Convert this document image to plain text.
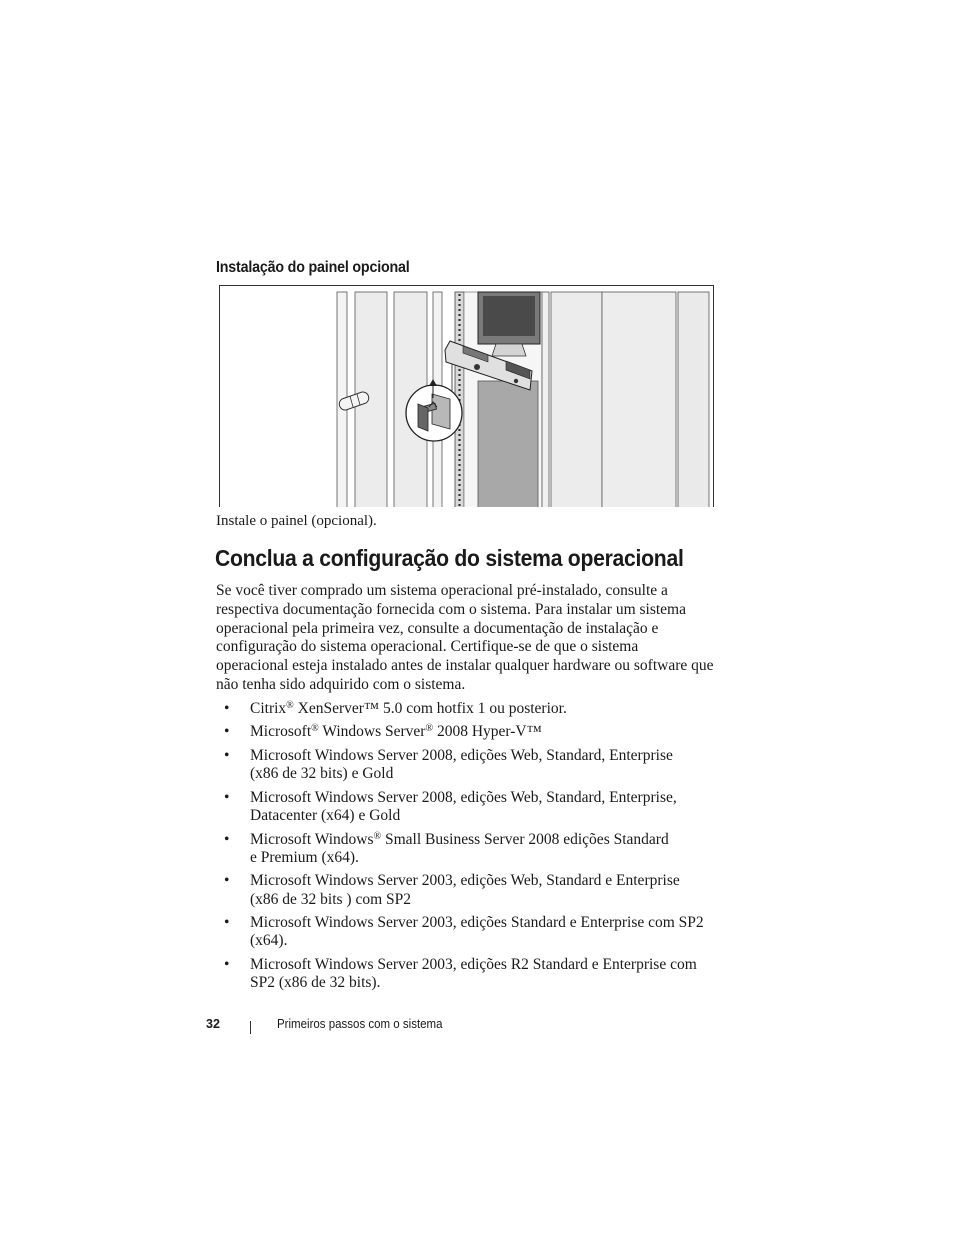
Instalação do painel opcional

Instale o painel (opcional).

Conclua a configuração do sistema operacional

Se você tiver comprado um sistema operacional pré-instalado, consulte a respectiva documentação fornecida com o sistema. Para instalar um sistema operacional pela primeira vez, consulte a documentação de instalação e configuração do sistema operacional. Certifique-se de que o sistema operacional esteja instalado antes de instalar qualquer hardware ou software que não tenha sido adquirido com o sistema.

• Citrix® XenServer™ 5.0 com hotfix 1 ou posterior.
• Microsoft® Windows Server® 2008 Hyper-V™
• Microsoft Windows Server 2008, edições Web, Standard, Enterprise
(x86 de 32 bits) e Gold
• Microsoft Windows Server 2008, edições Web, Standard, Enterprise,
Datacenter (x64) e Gold
• Microsoft Windows® Small Business Server 2008 edições Standard
e Premium (x64).
• Microsoft Windows Server 2003, edições Web, Standard e Enterprise
(x86 de 32 bits ) com SP2
• Microsoft Windows Server 2003, edições Standard e Enterprise com SP2
(x64).
• Microsoft Windows Server 2003, edições R2 Standard e Enterprise com
SP2 (x86 de 32 bits).
32	Primeiros passos com o sistema
